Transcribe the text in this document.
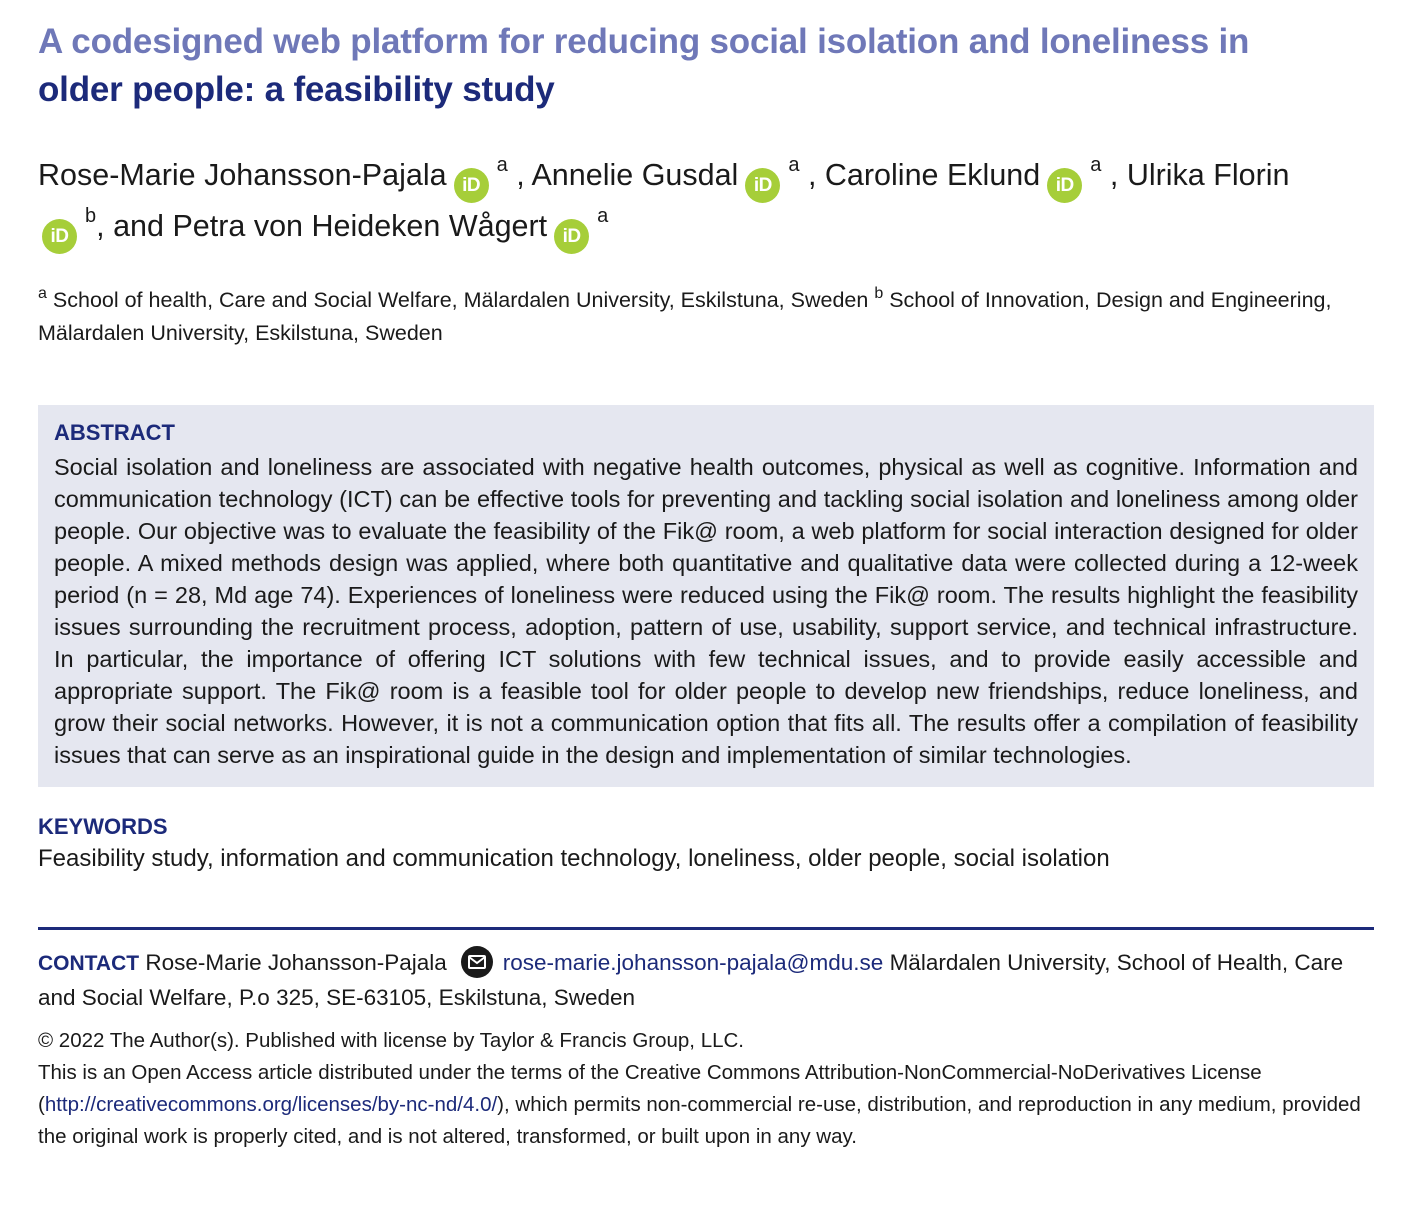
A codesigned web platform for reducing social isolation and loneliness in
older people: a feasibility study
Rose-Marie Johansson-Pajala iD$^a$ , Annelie Gusdal iD$^a$ , Caroline Eklund iD$^a$ , Ulrika Florin
iD$^b$, and Petra von Heideken Wågert iD$^a$
$^a$ School of health, Care and Social Welfare, Mälardalen University, Eskilstuna, Sweden $^b$ School of Innovation, Design and Engineering, Mälardalen University, Eskilstuna, Sweden
ABSTRACT

Social isolation and loneliness are associated with negative health outcomes, physical as well as cognitive. Information and communication technology (ICT) can be effective tools for preventing and tackling social isolation and loneliness among older people. Our objective was to evaluate the feasibility of the Fik@ room, a web platform for social interaction designed for older people. A mixed methods design was applied, where both quantitative and qualitative data were collected during a 12-week period (n = 28, Md age 74). Experiences of loneliness were reduced using the Fik@ room. The results highlight the feasibility issues surrounding the recruitment process, adoption, pattern of use, usability, support service, and technical infrastructure. In particular, the importance of offering ICT solutions with few technical issues, and to provide easily accessible and appropriate support. The Fik@ room is a feasible tool for older people to develop new friendships, reduce loneliness, and grow their social networks. However, it is not a communication option that fits all. The results offer a compilation of feasibility issues that can serve as an inspirational guide in the design and implementation of similar technologies.

KEYWORDS
Feasibility study, information and communication technology, loneliness, older people, social isolation
CONTACT Rose-Marie Johansson-Pajala rose-marie.johansson-pajala@mdu.se Mälardalen University, School of Health, Care and Social Welfare, P.o 325, SE-63105, Eskilstuna, Sweden
© 2022 The Author(s). Published with license by Taylor & Francis Group, LLC.
This is an Open Access article distributed under the terms of the Creative Commons Attribution-NonCommercial-NoDerivatives License (http://creativecommons.org/licenses/by-nc-nd/4.0/), which permits non-commercial re-use, distribution, and reproduction in any medium, provided the original work is properly cited, and is not altered, transformed, or built upon in any way.
